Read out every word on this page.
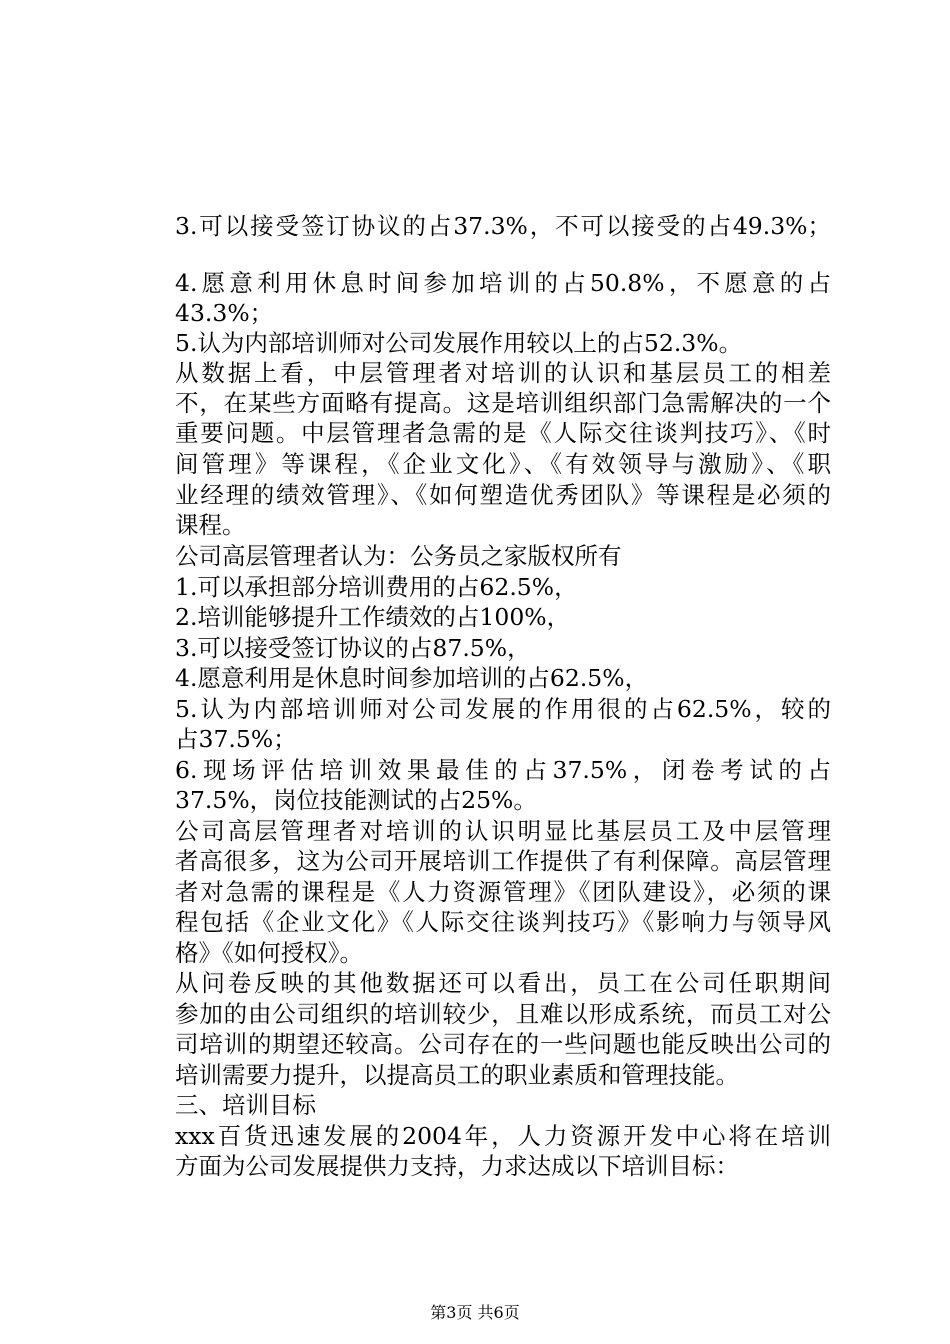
3.可以接受签订协议的占37.3%，不可以接受的占49.3%；
4.愿意利用休息时间参加培训的占50.8%，不愿意的占
43.3%；
5.认为内部培训师对公司发展作用较以上的占52.3%。
从数据上看，中层管理者对培训的认识和基层员工的相差
不，在某些方面略有提高。这是培训组织部门急需解决的一个
重要问题。中层管理者急需的是《人际交往谈判技巧》、《时
间管理》等课程，《企业文化》、《有效领导与激励》、《职
业经理的绩效管理》、《如何塑造优秀团队》等课程是必须的
课程。
公司高层管理者认为：公务员之家版权所有
1.可以承担部分培训费用的占62.5%，
2.培训能够提升工作绩效的占100%，
3.可以接受签订协议的占87.5%，
4.愿意利用是休息时间参加培训的占62.5%，
5.认为内部培训师对公司发展的作用很的占62.5%，较的
占37.5%；
6.现场评估培训效果最佳的占37.5%，闭卷考试的占
37.5%，岗位技能测试的占25%。
公司高层管理者对培训的认识明显比基层员工及中层管理
者高很多，这为公司开展培训工作提供了有利保障。高层管理
者对急需的课程是《人力资源管理》《团队建设》，必须的课
程包括《企业文化》《人际交往谈判技巧》《影响力与领导风
格》《如何授权》。
从问卷反映的其他数据还可以看出，员工在公司任职期间
参加的由公司组织的培训较少，且难以形成系统，而员工对公
司培训的期望还较高。公司存在的一些问题也能反映出公司的
培训需要力提升，以提高员工的职业素质和管理技能。
三、培训目标
xxx百货迅速发展的2004年，人力资源开发中心将在培训
方面为公司发展提供力支持，力求达成以下培训目标：
第3页 共6页
